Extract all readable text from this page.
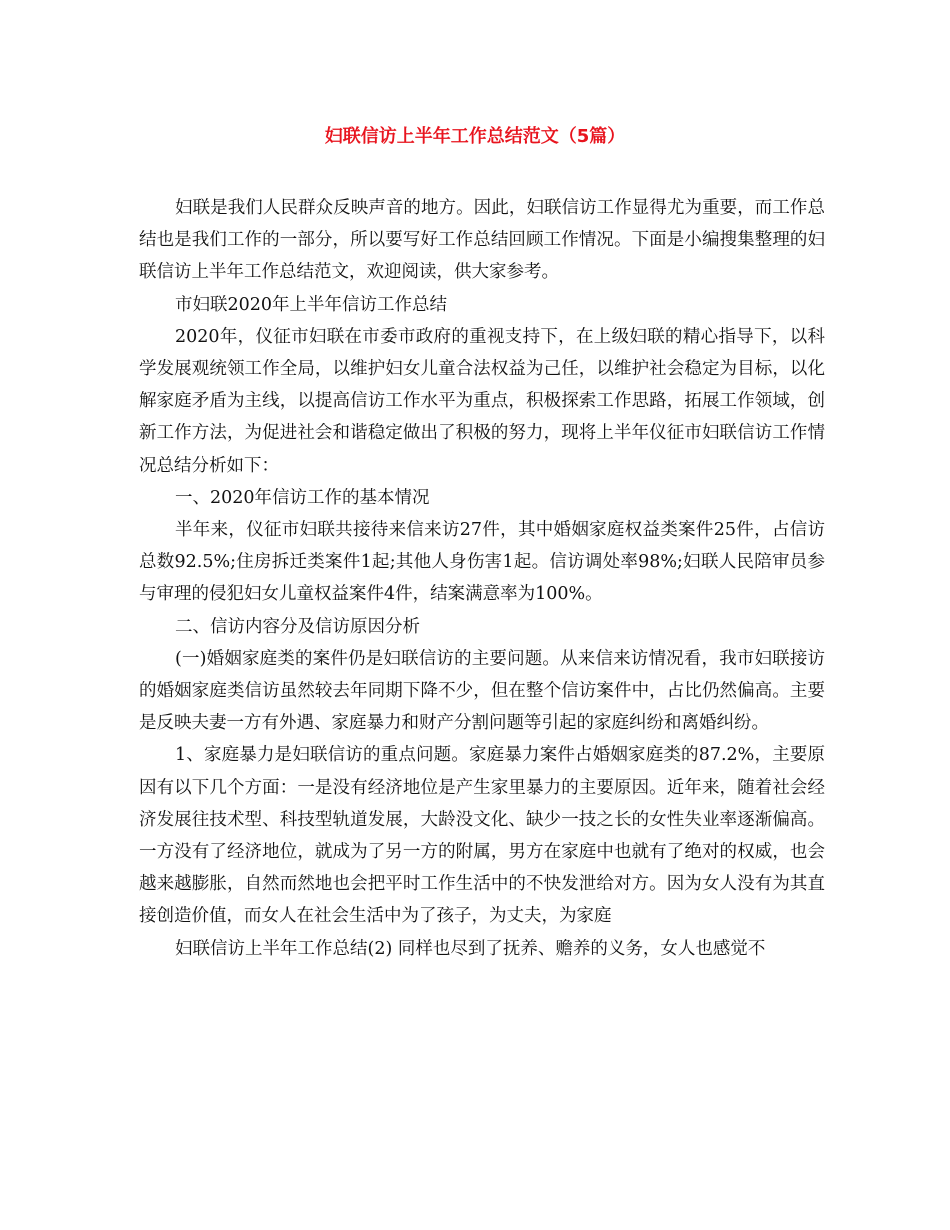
妇联信访上半年工作总结范文（5篇）

妇联是我们人民群众反映声音的地方。因此，妇联信访工作显得尤为重要，而工作总结也是我们工作的一部分，所以要写好工作总结回顾工作情况。下面是小编搜集整理的妇联信访上半年工作总结范文，欢迎阅读，供大家参考。

市妇联2020年上半年信访工作总结

2020年，仪征市妇联在市委市政府的重视支持下，在上级妇联的精心指导下，以科学发展观统领工作全局，以维护妇女儿童合法权益为己任，以维护社会稳定为目标，以化解家庭矛盾为主线，以提高信访工作水平为重点，积极探索工作思路，拓展工作领域，创新工作方法，为促进社会和谐稳定做出了积极的努力，现将上半年仪征市妇联信访工作情况总结分析如下：

一、2020年信访工作的基本情况

半年来，仪征市妇联共接待来信来访27件，其中婚姻家庭权益类案件25件，占信访总数92.5%;住房拆迁类案件1起;其他人身伤害1起。信访调处率98%;妇联人民陪审员参与审理的侵犯妇女儿童权益案件4件，结案满意率为100%。

二、信访内容分及信访原因分析

(一)婚姻家庭类的案件仍是妇联信访的主要问题。从来信来访情况看，我市妇联接访的婚姻家庭类信访虽然较去年同期下降不少，但在整个信访案件中，占比仍然偏高。主要是反映夫妻一方有外遇、家庭暴力和财产分割问题等引起的家庭纠纷和离婚纠纷。

1、家庭暴力是妇联信访的重点问题。家庭暴力案件占婚姻家庭类的87.2%，主要原因有以下几个方面：一是没有经济地位是产生家里暴力的主要原因。近年来，随着社会经济发展往技术型、科技型轨道发展，大龄没文化、缺少一技之长的女性失业率逐渐偏高。一方没有了经济地位，就成为了另一方的附属，男方在家庭中也就有了绝对的权威，也会越来越膨胀，自然而然地也会把平时工作生活中的不快发泄给对方。因为女人没有为其直接创造价值，而女人在社会生活中为了孩子，为丈夫，为家庭

妇联信访上半年工作总结(2) 同样也尽到了抚养、赡养的义务，女人也感觉不
